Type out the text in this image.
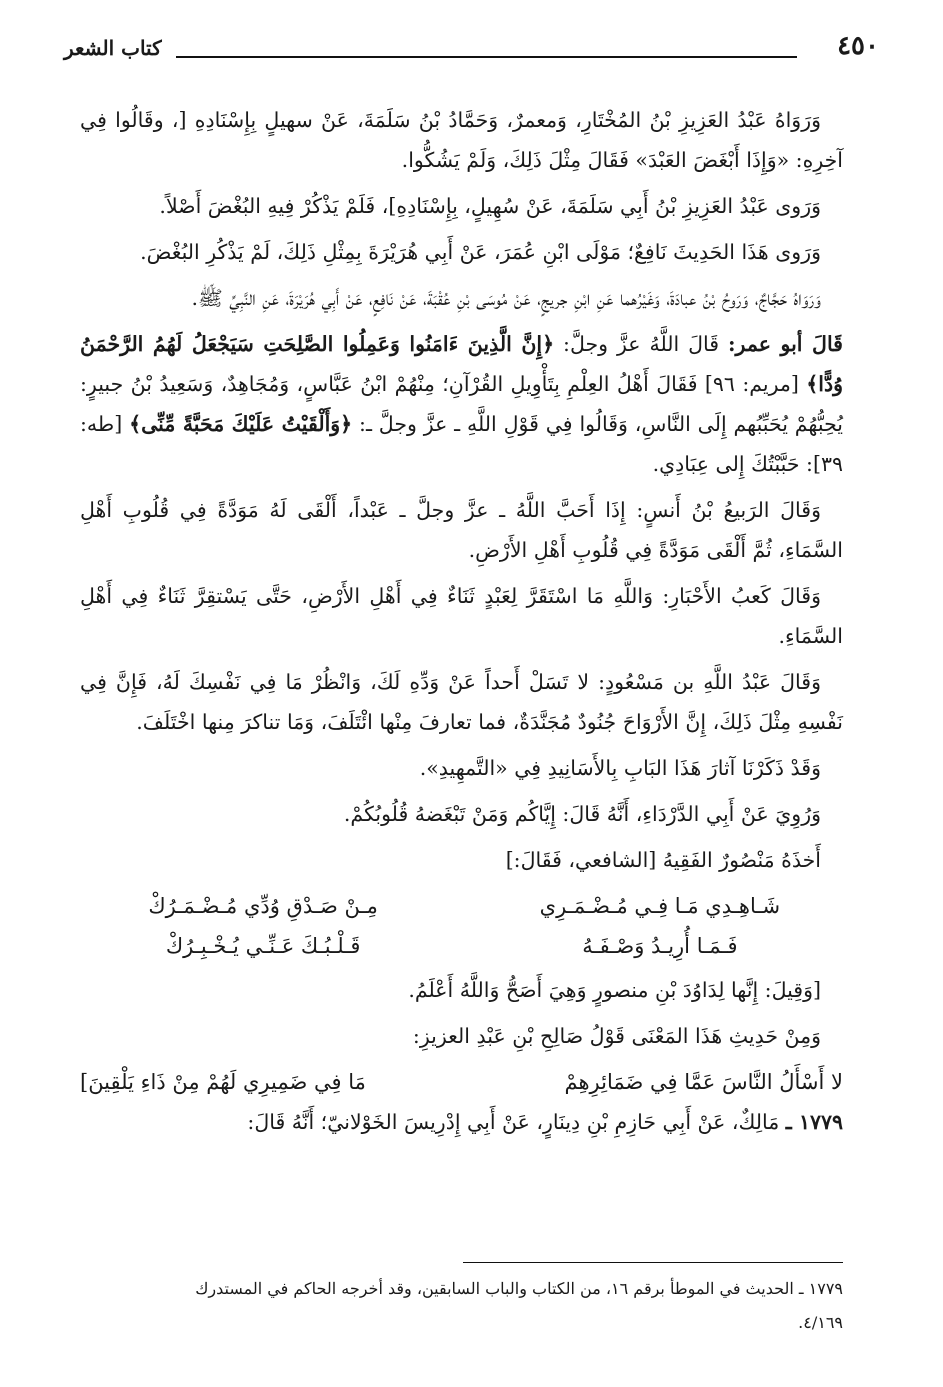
٤٥٠
كتاب الشعر

وَرَوَاهُ عَبْدُ العَزِيزِ بْنُ المُخْتَارِ، وَمعمرٌ، وَحَمَّادُ بْنُ سَلَمَةَ، عَنْ سهيلٍ بِإِسْنَادِهِ [، وقَالُوا فِي آخِرِهِ: «وَإِذَا أَبْغَضَ العَبْدَ» فَقَالَ مِثْلَ ذَلِكَ، وَلَمْ يَشُكُّوا.

وَرَوى عَبْدُ العَزِيزِ بْنُ أَبِي سَلَمَةَ، عَنْ سُهِيلٍ، بِإِسْنَادِهِ]، فَلَمْ يَذْكُرْ فِيهِ البُغْضَ أَصْلاً.

وَرَوى هَذَا الحَدِيثَ نَافِعٌ؛ مَوْلَى ابْنِ عُمَرَ، عَنْ أَبِي هُرَيْرَةَ بِمِثْلِ ذَلِكَ، لَمْ يَذْكُرِ البُغْضَ.

وَرَوَاهُ حَجَّاجٌ، وَرَوحُ بْنُ عبادَةَ، وَغَيْرُهما عَنِ ابْنِ جريجٍ، عَنْ مُوسَى بْنِ عُقْبَةَ، عَنْ نَافِعٍ، عَنْ أَبِي هُرَيْرَةَ، عَنِ النَّبِيِّ ﷺ.

قَالَ أبو عمر: قَالَ اللَّهُ عزَّ وجلَّ: ﴿إِنَّ الَّذِينَ ءَامَنُوا وَعَمِلُوا الصَّلِحَتِ سَيَجْعَلُ لَهُمُ الرَّحْمَنُ وُدًّا﴾ [مريم: ٩٦] فَقَالَ أَهْلُ العِلْمِ بِتَأْوِيلِ القُرْآنِ؛ مِنْهُمْ ابْنُ عَبَّاسٍ، وَمُجَاهِدٌ، وَسَعِيدُ بْنُ جبيرٍ: يُحِبُّهُمْ يُحَبِّبُهم إِلَى النَّاسِ، وَقَالُوا فِي قَوْلِ اللَّهِ ـ عزَّ وجلَّ ـ: ﴿وَأَلْقَيْتُ عَلَيْكَ مَحَبَّةً مِّنِّى﴾ [طه: ٣٩]: حَبَّبْتُكَ إِلى عِبَادِي.

وَقَالَ الرَبيعُ بْنُ أَنسٍ: إِذَا أَحَبَّ اللَّهُ ـ عزَّ وجلَّ ـ عَبْداً، أَلْقَى لَهُ مَوَدَّةً فِي قُلُوبِ أَهْلِ السَّمَاءِ، ثُمَّ أَلْقَى مَوَدَّةً فِي قُلُوبِ أَهْلِ الأَرْضِ.

وَقَالَ كَعبُ الأَحْبَارِ: وَاللَّهِ مَا اسْتَقَرَّ لِعَبْدٍ ثَنَاءٌ فِي أَهْلِ الأَرْضِ، حَتَّى يَسْتقِرَّ ثَنَاءٌ فِي أَهْلِ السَّمَاءِ.

وَقَالَ عَبْدُ اللَّهِ بن مَسْعُودٍ: لا تَسَلْ أَحداً عَنْ وَدِّهِ لَكَ، وَانْظُرْ مَا فِي نَفْسِكَ لَهُ، فَإِنَّ فِي نَفْسِهِ مِثْلَ ذَلِكَ، إِنَّ الأَرْوَاحَ جُنُودٌ مُجَنَّدَةٌ، فما تعارفَ مِنْها ائْتَلَفَ، وَمَا تناكرَ مِنها اخْتَلَفَ.

وَقَدْ ذَكَرْنَا آثارَ هَذَا البَابِ بِالأَسَانِيدِ فِي «التَّمهِيدِ».

وَرُوِيَ عَنْ أَبِي الدَّرْدَاءِ، أَنَّهُ قَالَ: إِيَّاكُم وَمَنْ تَبْغَضهُ قُلُوبُكُمْ.

أَخذَهُ مَنْصُورٌ الفَقِيهُ [الشافعي، فَقَالَ:]

شَـاهِـدِي مَـا فِـي مُـضْـمَـرِي
مِـنْ صَـدْقِ وُدِّي مُـضْـمَـرُكْ
فَـمَـا أُرِيـدُ وَصْـفَـهُ
قَـلْـبُـكَ عَـنِّـي يُـخْـبِـرُكْ

[وَقِيلَ: إِنَّها لِدَاوُدَ بْنِ منصورٍ وَهِيَ أَصَحُّ وَاللَّهُ أَعْلَمُ.

وَمِنْ حَدِيثِ هَذَا المَعْنَى قَوْلُ صَالِحِ بْنِ عَبْدِ العزيزِ:

لا أَسْأَلُ النَّاسَ عَمَّا فِي ضَمَائِرِهِمْ
مَا فِي ضَمِيرِي لَهُمْ مِنْ ذَاءِ يَلْقِينَ]

١٧٧٩ ـ مَالِكٌ، عَنْ أَبِي حَازِمِ بْنِ دِينَارٍ، عَنْ أَبِي إِدْرِيسَ الخَوْلانيّ؛ أَنَّهُ قَالَ:

١٧٧٩ ـ الحديث في الموطأ برقم ١٦، من الكتاب والباب السابقين، وقد أخرجه الحاكم في المستدرك
٤/١٦٩.
